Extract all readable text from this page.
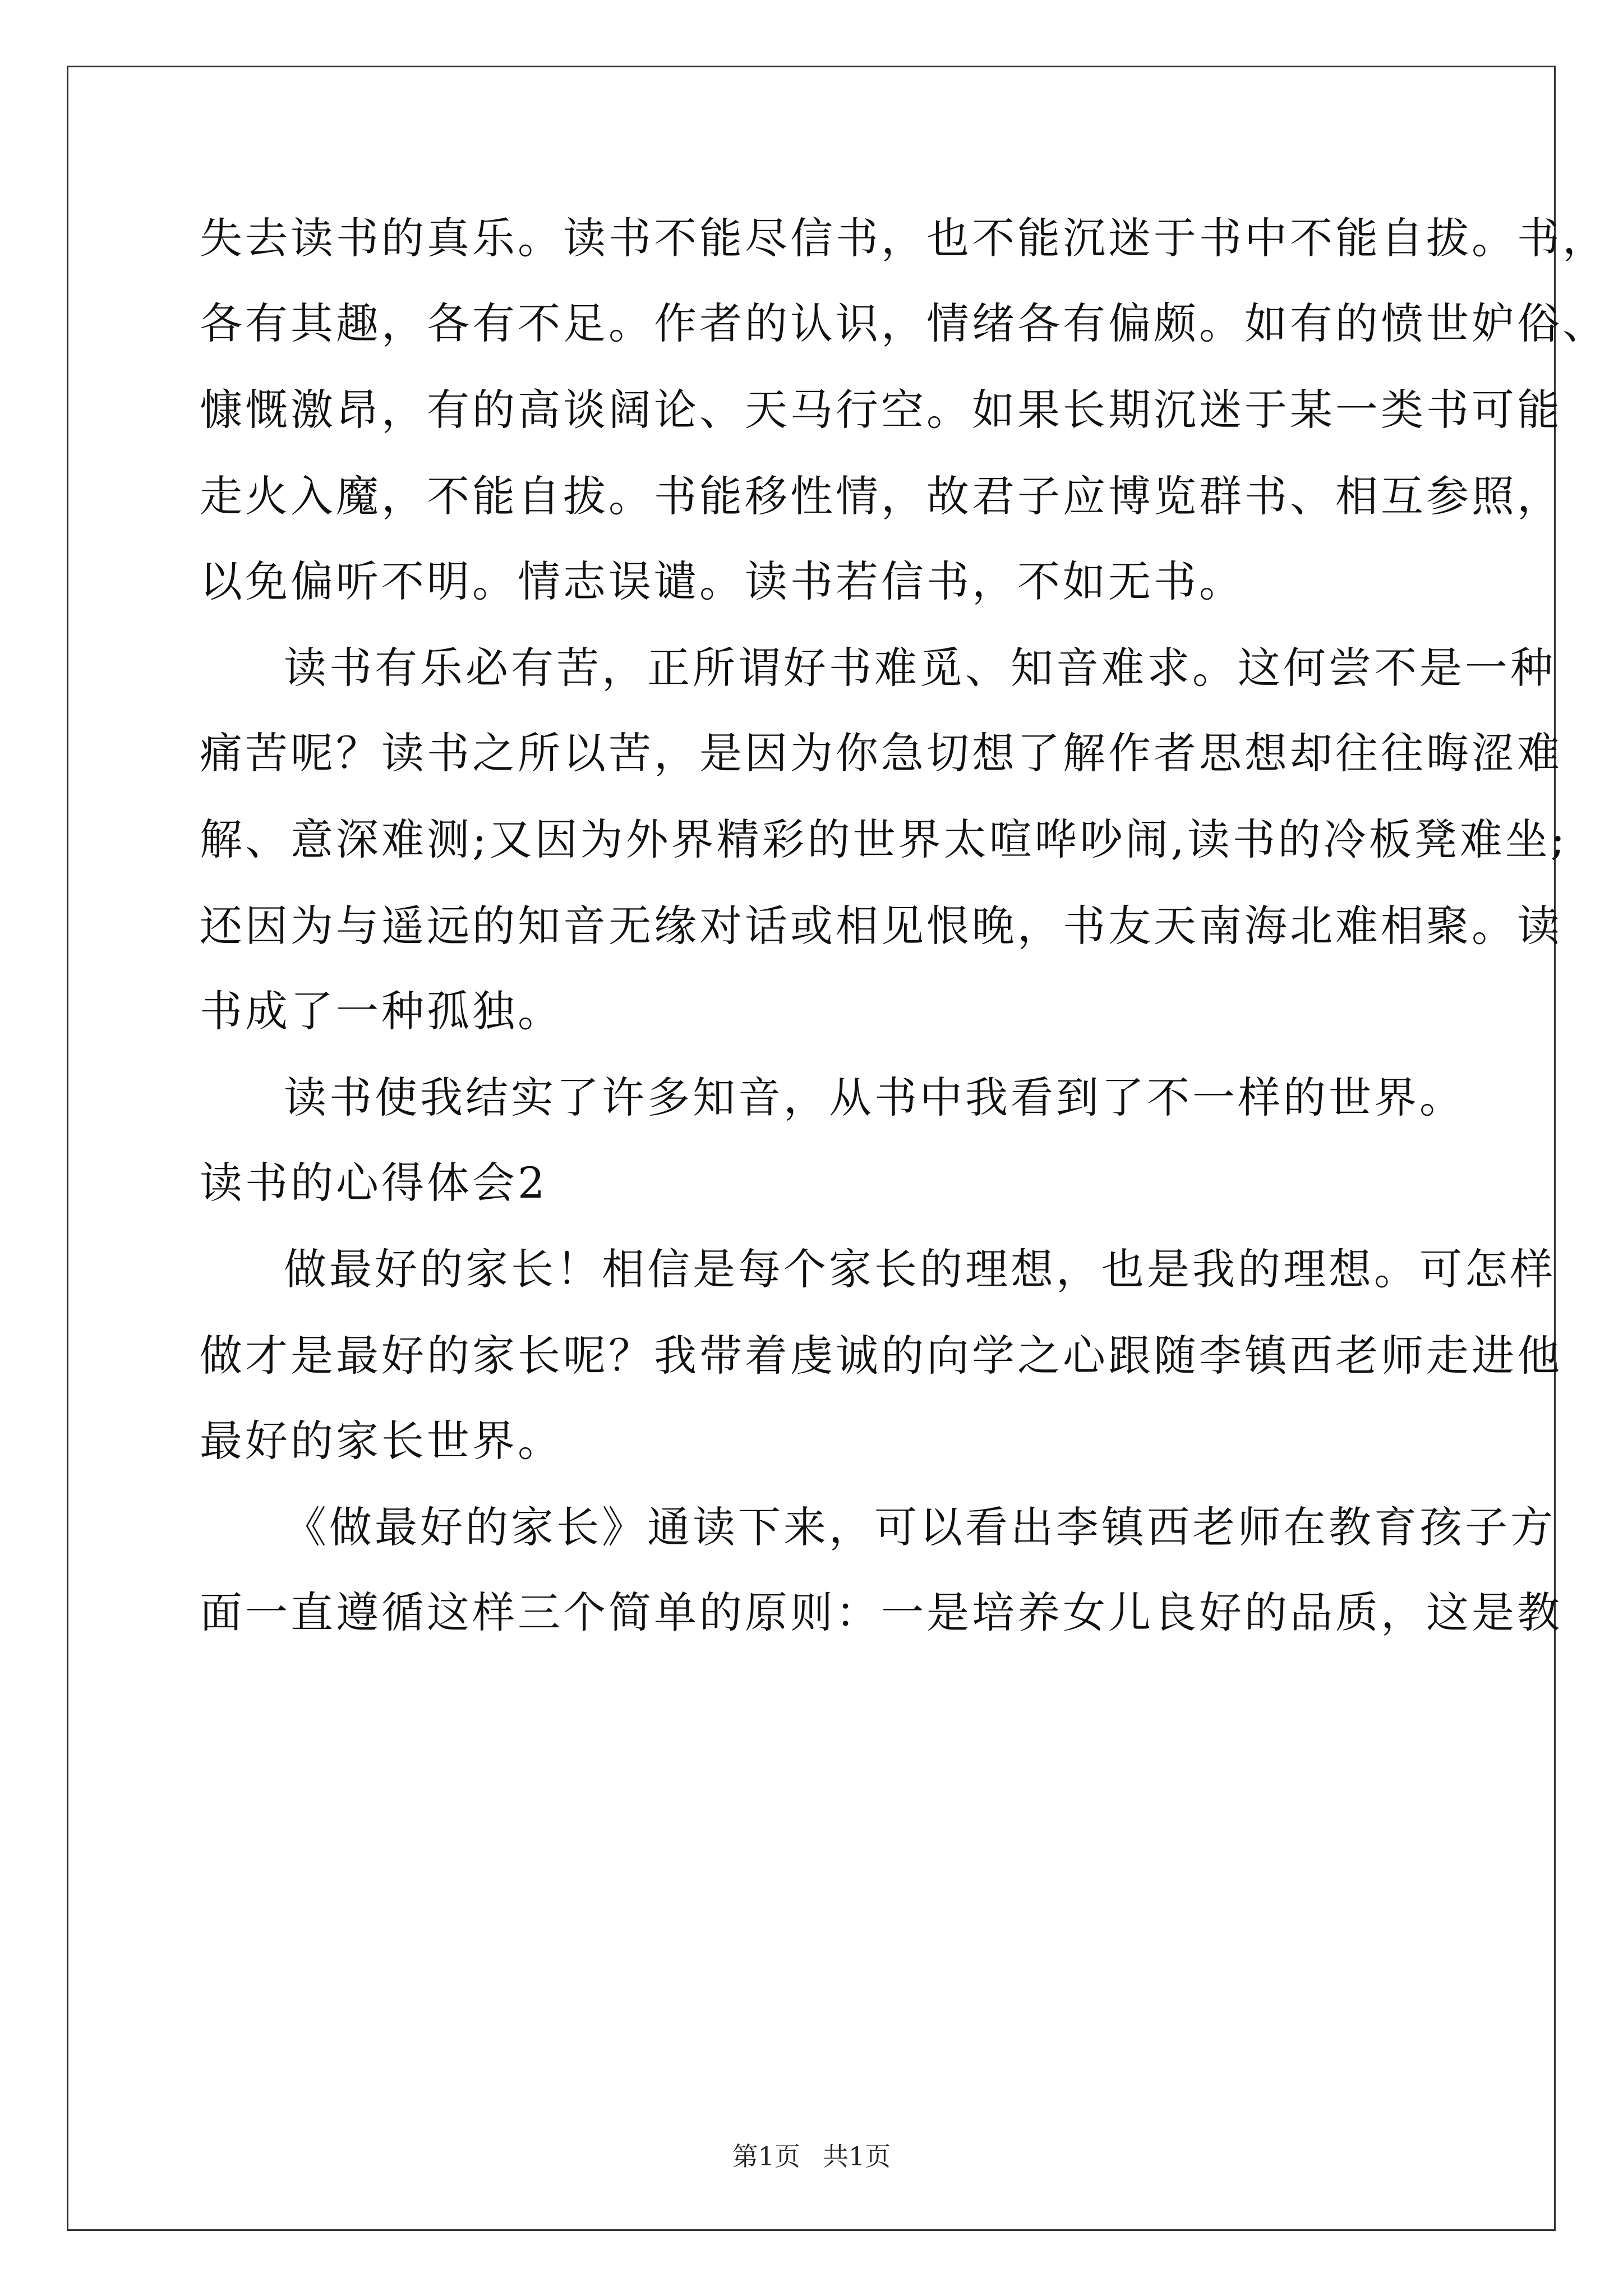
失去读书的真乐。读书不能尽信书，也不能沉迷于书中不能自拔。书，
各有其趣，各有不足。作者的认识，情绪各有偏颇。如有的愤世妒俗、
慷慨激昂，有的高谈阔论、天马行空。如果长期沉迷于某一类书可能
走火入魔，不能自拔。书能移性情，故君子应博览群书、相互参照，
以免偏听不明。情志误谴。读书若信书，不如无书。
读书有乐必有苦，正所谓好书难觅、知音难求。这何尝不是一种
痛苦呢？读书之所以苦，是因为你急切想了解作者思想却往往晦涩难
解、意深难测;又因为外界精彩的世界太喧哗吵闹,读书的冷板凳难坐;
还因为与遥远的知音无缘对话或相见恨晚，书友天南海北难相聚。读
书成了一种孤独。
读书使我结实了许多知音，从书中我看到了不一样的世界。
读书的心得体会2
做最好的家长！相信是每个家长的理想，也是我的理想。可怎样
做才是最好的家长呢？我带着虔诚的向学之心跟随李镇西老师走进他
最好的家长世界。
《做最好的家长》通读下来，可以看出李镇西老师在教育孩子方
面一直遵循这样三个简单的原则：一是培养女儿良好的品质，这是教
第1页 共1页
